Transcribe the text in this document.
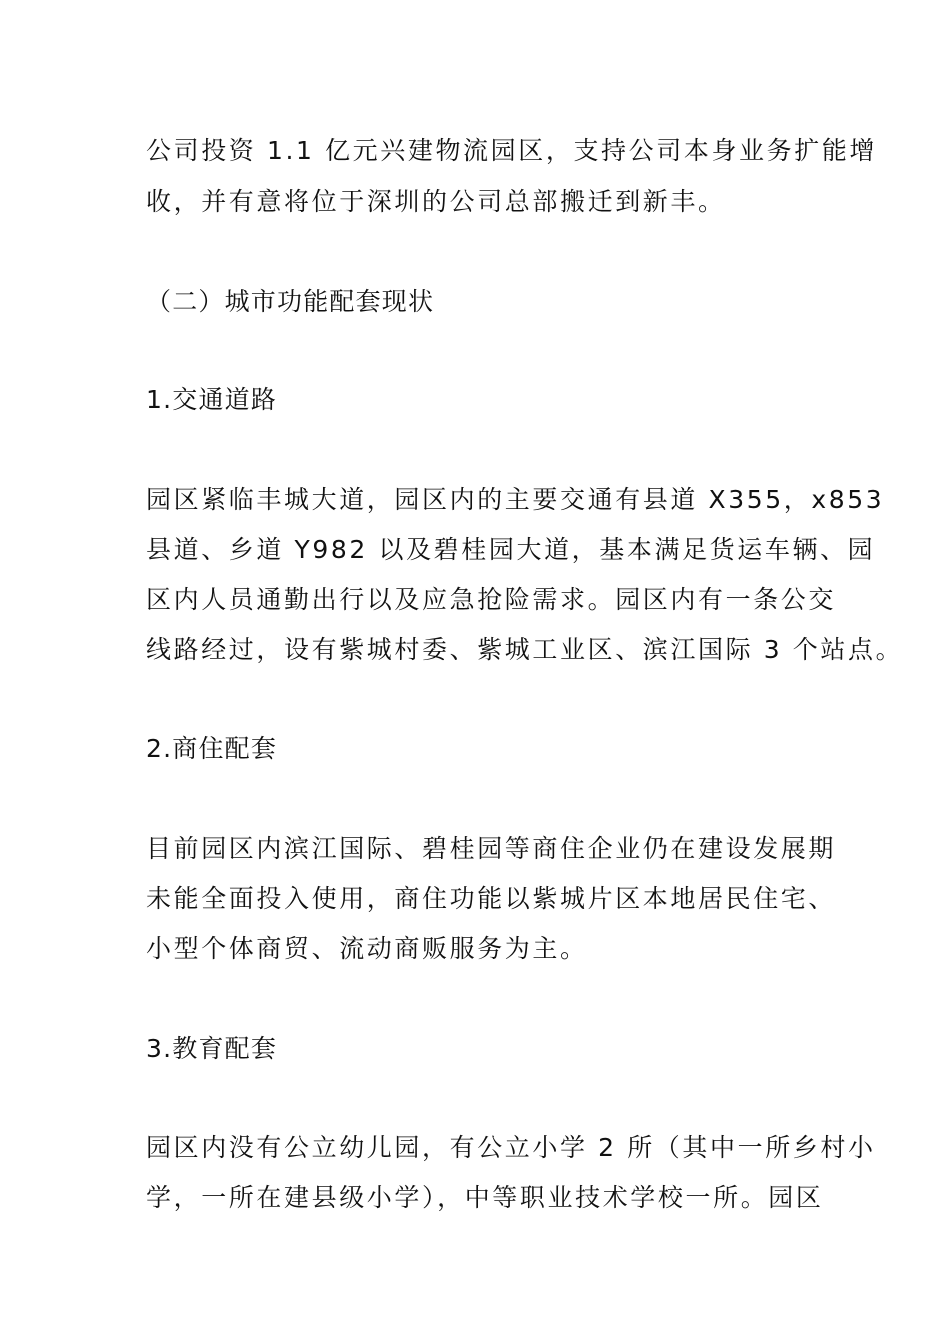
公司投资 1.1 亿元兴建物流园区，支持公司本身业务扩能增
收，并有意将位于深圳的公司总部搬迁到新丰。
（二）城市功能配套现状
1.交通道路
园区紧临丰城大道，园区内的主要交通有县道 X355，x853
县道、乡道 Y982 以及碧桂园大道，基本满足货运车辆、园
区内人员通勤出行以及应急抢险需求。园区内有一条公交
线路经过，设有紫城村委、紫城工业区、滨江国际 3 个站点。
2.商住配套
目前园区内滨江国际、碧桂园等商住企业仍在建设发展期
未能全面投入使用，商住功能以紫城片区本地居民住宅、
小型个体商贸、流动商贩服务为主。
3.教育配套
园区内没有公立幼儿园，有公立小学 2 所（其中一所乡村小
学，一所在建县级小学），中等职业技术学校一所。园区
